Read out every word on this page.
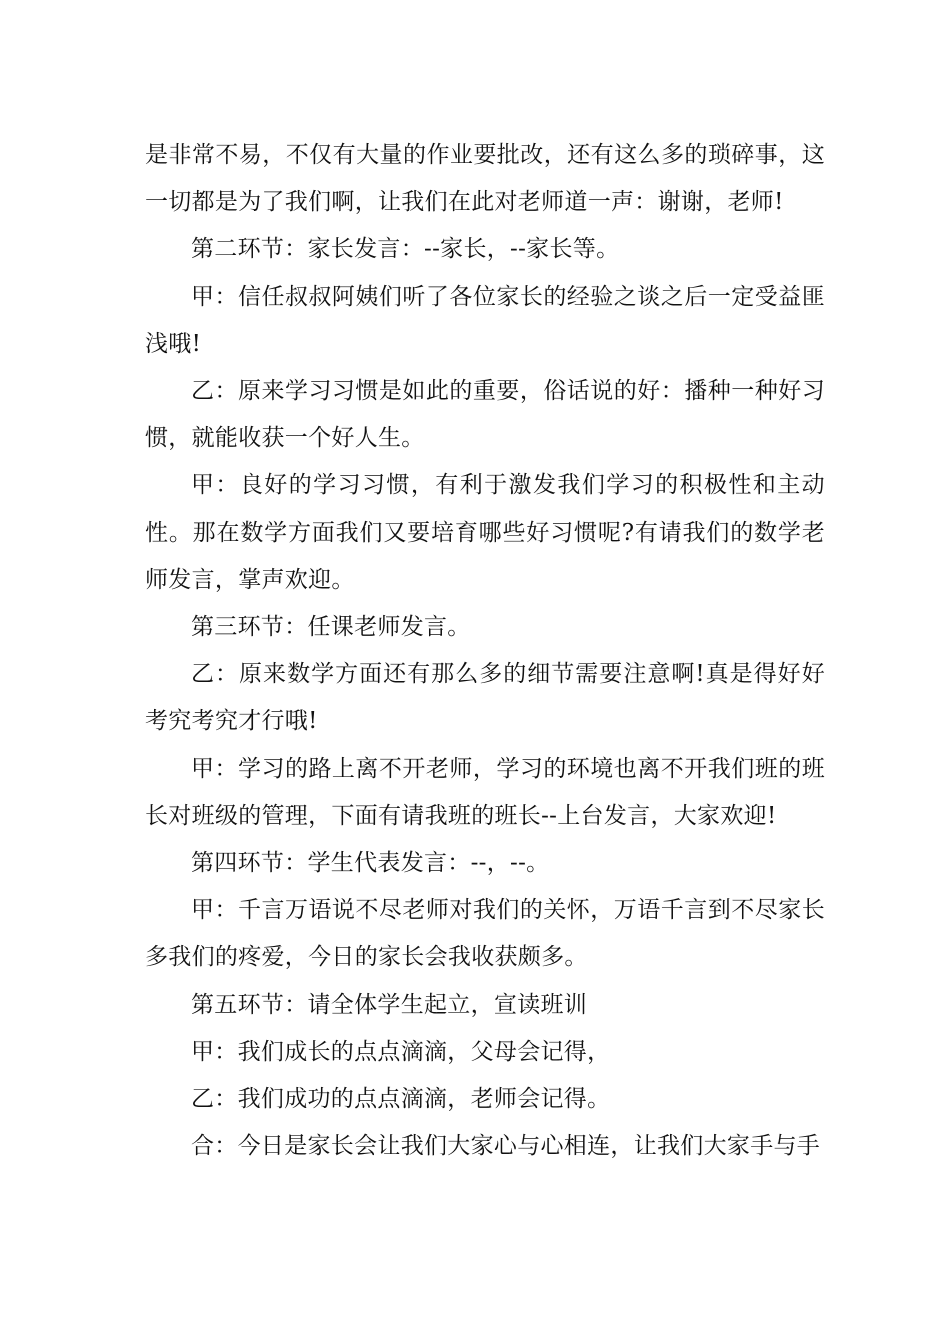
是非常不易，不仅有大量的作业要批改，还有这么多的琐碎事，这一切都是为了我们啊，让我们在此对老师道一声：谢谢，老师!

第二环节：家长发言：--家长，--家长等。

甲：信任叔叔阿姨们听了各位家长的经验之谈之后一定受益匪浅哦!

乙：原来学习习惯是如此的重要，俗话说的好：播种一种好习惯，就能收获一个好人生。

甲：良好的学习习惯，有利于激发我们学习的积极性和主动性。那在数学方面我们又要培育哪些好习惯呢?有请我们的数学老师发言，掌声欢迎。

第三环节：任课老师发言。

乙：原来数学方面还有那么多的细节需要注意啊!真是得好好考究考究才行哦!

甲：学习的路上离不开老师，学习的环境也离不开我们班的班长对班级的管理，下面有请我班的班长--上台发言，大家欢迎!

第四环节：学生代表发言：--，--。

甲：千言万语说不尽老师对我们的关怀，万语千言到不尽家长多我们的疼爱，今日的家长会我收获颇多。

第五环节：请全体学生起立，宣读班训

甲：我们成长的点点滴滴，父母会记得，

乙：我们成功的点点滴滴，老师会记得。

合：今日是家长会让我们大家心与心相连，让我们大家手与手
